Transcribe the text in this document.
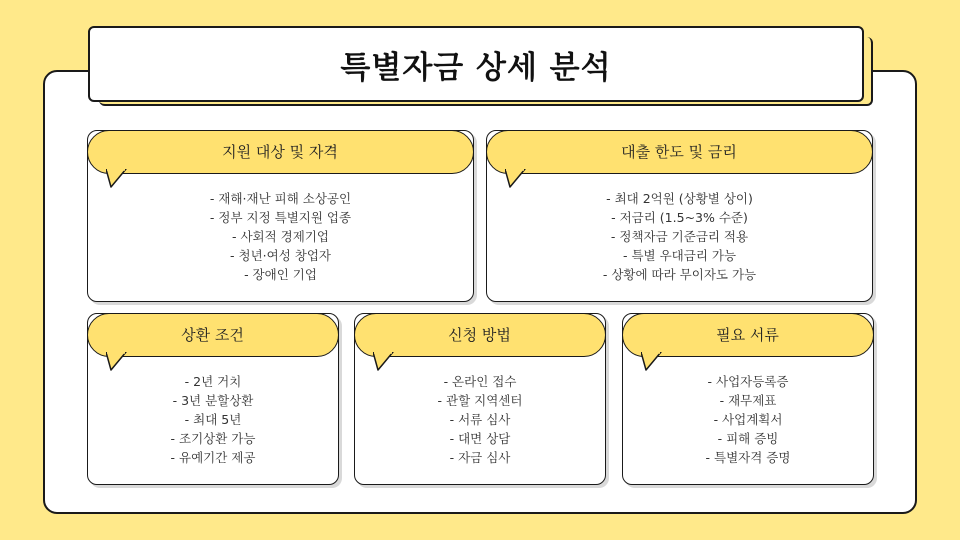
특별자금 상세 분석
지원 대상 및 자격
- 재해·재난 피해 소상공인
- 정부 지정 특별지원 업종
- 사회적 경제기업
- 청년·여성 창업자
- 장애인 기업
대출 한도 및 금리
- 최대 2억원 (상황별 상이)
- 저금리 (1.5~3% 수준)
- 정책자금 기준금리 적용
- 특별 우대금리 가능
- 상황에 따라 무이자도 가능
상환 조건
- 2년 거치
- 3년 분할상환
- 최대 5년
- 조기상환 가능
- 유예기간 제공
신청 방법
- 온라인 접수
- 관할 지역센터
- 서류 심사
- 대면 상담
- 자금 심사
필요 서류
- 사업자등록증
- 재무제표
- 사업계획서
- 피해 증빙
- 특별자격 증명
